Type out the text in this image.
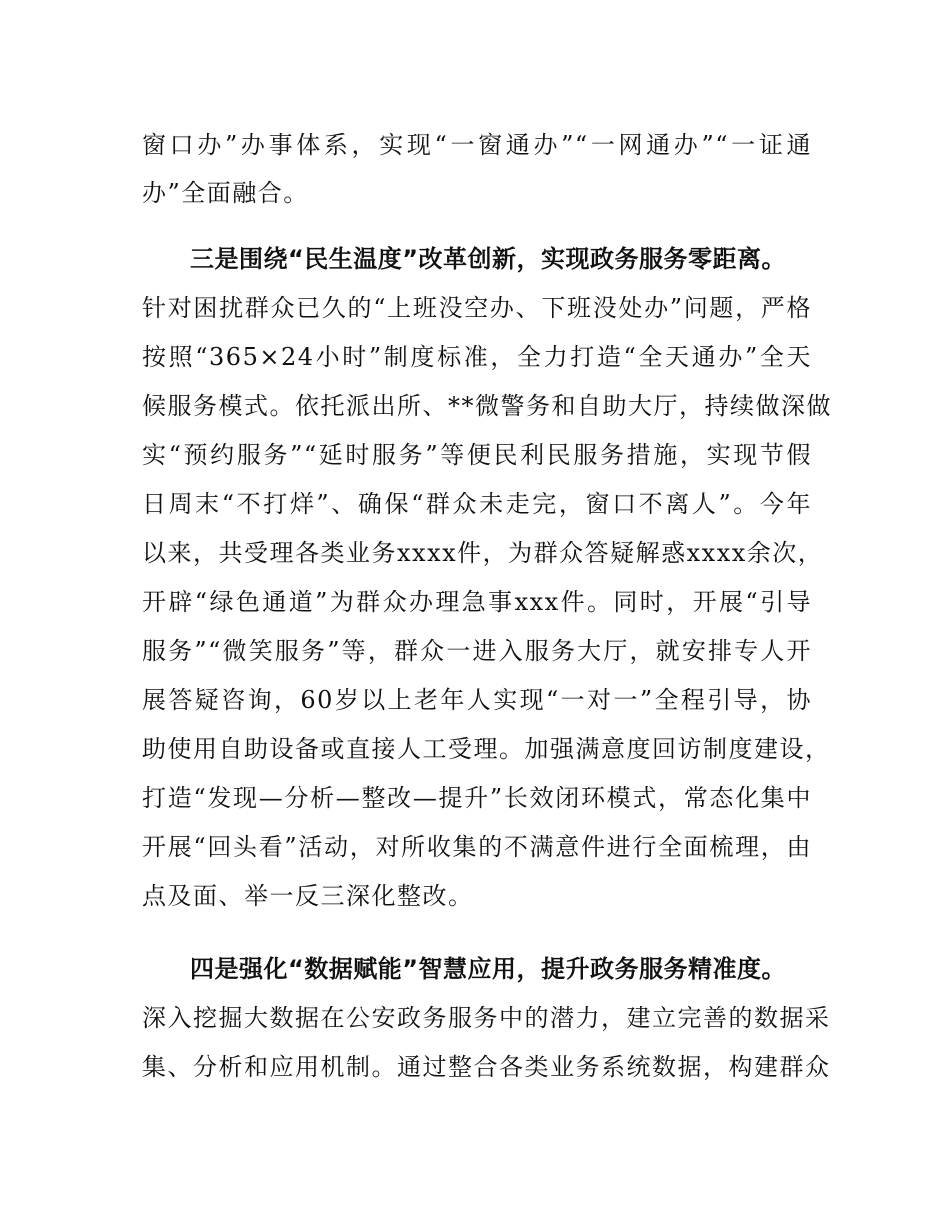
窗口办”办事体系，实现“一窗通办”“一网通办”“一证通
办”全面融合。
三是围绕“民生温度”改革创新，实现政务服务零距离。
针对困扰群众已久的“上班没空办、下班没处办”问题，严格
按照“365×24小时”制度标准，全力打造“全天通办”全天
候服务模式。依托派出所、**微警务和自助大厅，持续做深做
实“预约服务”“延时服务”等便民利民服务措施，实现节假
日周末“不打烊”、确保“群众未走完，窗口不离人”。今年
以来，共受理各类业务xxxx件，为群众答疑解惑xxxx余次，
开辟“绿色通道”为群众办理急事xxx件。同时，开展“引导
服务”“微笑服务”等，群众一进入服务大厅，就安排专人开
展答疑咨询，60岁以上老年人实现“一对一”全程引导，协
助使用自助设备或直接人工受理。加强满意度回访制度建设，
打造“发现—分析—整改—提升”长效闭环模式，常态化集中
开展“回头看”活动，对所收集的不满意件进行全面梳理，由
点及面、举一反三深化整改。
四是强化“数据赋能”智慧应用，提升政务服务精准度。
深入挖掘大数据在公安政务服务中的潜力，建立完善的数据采
集、分析和应用机制。通过整合各类业务系统数据，构建群众
